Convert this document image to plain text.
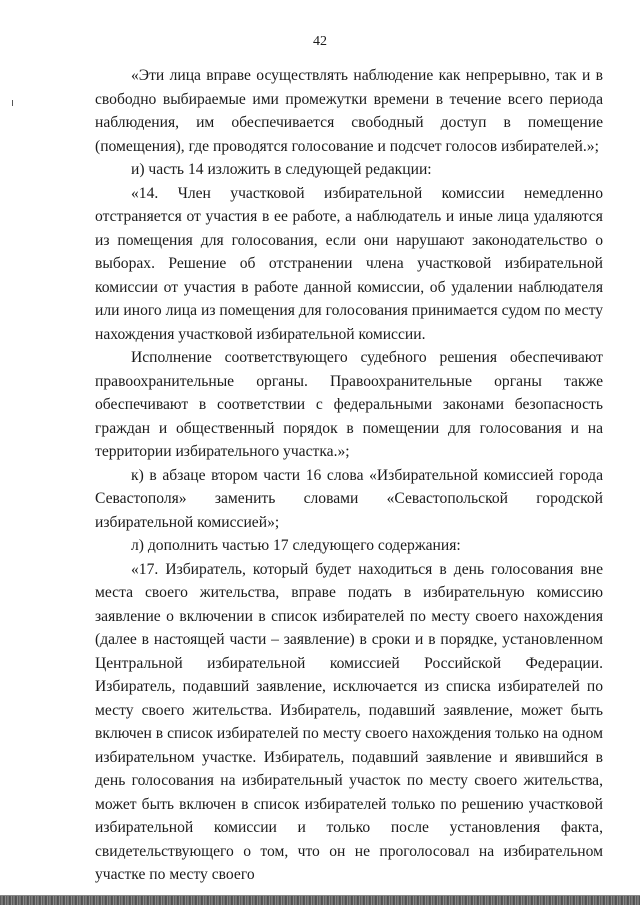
42

«Эти лица вправе осуществлять наблюдение как непрерывно, так и в свободно выбираемые ими промежутки времени в течение всего периода наблюдения, им обеспечивается свободный доступ в помещение (помещения), где проводятся голосование и подсчет голосов избирателей.»;

и) часть 14 изложить в следующей редакции:

«14. Член участковой избирательной комиссии немедленно отстраняется от участия в ее работе, а наблюдатель и иные лица удаляются из помещения для голосования, если они нарушают законодательство о выборах. Решение об отстранении члена участковой избирательной комиссии от участия в работе данной комиссии, об удалении наблюдателя или иного лица из помещения для голосования принимается судом по месту нахождения участковой избирательной комиссии.

Исполнение соответствующего судебного решения обеспечивают правоохранительные органы. Правоохранительные органы также обеспечивают в соответствии с федеральными законами безопасность граждан и общественный порядок в помещении для голосования и на территории избирательного участка.»;

к) в абзаце втором части 16 слова «Избирательной комиссией города Севастополя» заменить словами «Севастопольской городской избирательной комиссией»;

л) дополнить частью 17 следующего содержания:

«17. Избиратель, который будет находиться в день голосования вне места своего жительства, вправе подать в избирательную комиссию заявление о включении в список избирателей по месту своего нахождения (далее в настоящей части – заявление) в сроки и в порядке, установленном Центральной избирательной комиссией Российской Федерации. Избиратель, подавший заявление, исключается из списка избирателей по месту своего жительства. Избиратель, подавший заявление, может быть включен в список избирателей по месту своего нахождения только на одном избирательном участке. Избиратель, подавший заявление и явившийся в день голосования на избирательный участок по месту своего жительства, может быть включен в список избирателей только по решению участковой избирательной комиссии и только после установления факта, свидетельствующего о том, что он не проголосовал на избирательном участке по месту своего
